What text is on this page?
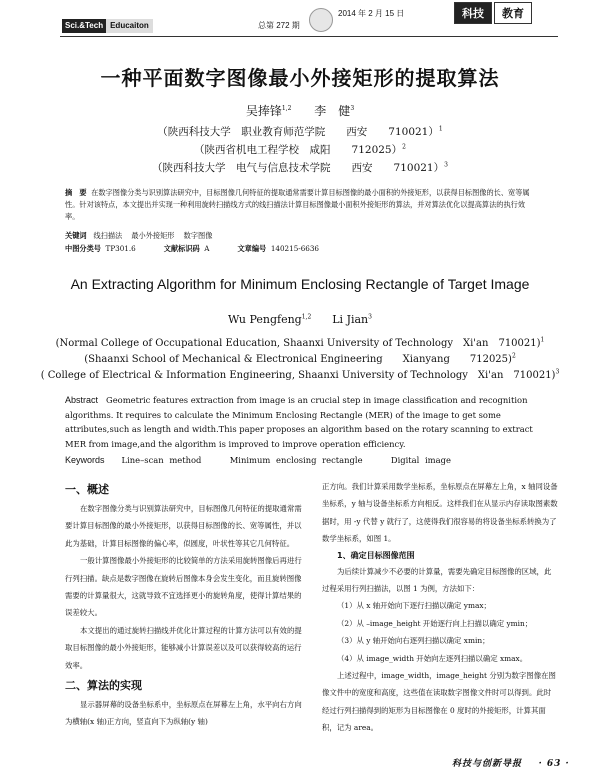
Sci.&Tech Educaiton	总第 272 期
2014 年 2 月 15 日	科技	教育
一种平面数字图像最小外接矩形的提取算法
吴捧锋$^{1,2}$ 李　健$^3$
（陕西科技大学　职业教育师范学院　　西安　　710021）$^1$
（陕西省机电工程学校　咸阳　　712025）$^2$
（陕西科技大学　电气与信息技术学院　　西安　　710021）$^3$
摘　要 在数字图像分类与识别算法研究中，目标图像几何特征的提取通常需要计算目标图像的最小面积的外接矩形，以获得目标图像的长、宽等属性。针对该特点，本文提出并实现一种利用旋转扫描线方式的线扫描法计算目标图像最小面积外接矩形的算法，并对算法优化以提高算法的执行效率。
关键词 线扫描法 最小外接矩形 数字图像
中图分类号 TP301.6	文献标识码 A	文章编号 140215-6636
An Extracting Algorithm for Minimum Enclosing Rectangle of Target Image
Wu Pengfeng$^{1,2}$ Li Jian$^3$
(Normal College of Occupational Education, Shaanxi University of Technology　Xi'an　710021)$^1$
(Shaanxi School of Mechanical & Electronical Engineering　　Xianyang　　712025)$^2$
( College of Electrical & Information Engineering, Shaanxi University of Technology　Xi'an　710021)$^3$
Abstract Geometric features extraction from image is an crucial step in image classification and recognition algorithms. It requires to calculate the Minimum Enclosing Rectangle (MER) of the image to get some attributes,such as length and width.This paper proposes an algorithm based on the rotary scanning to extract MER from image,and the algorithm is improved to improve operation efficiency.
Keywords Line–scan method	Minimum enclosing rectangle	Digital image
一、概述

在数字图像分类与识别算法研究中，目标图像几何特征的提取通常需要计算目标图像的最小外接矩形，以获得目标图像的长、宽等属性，并以此为基础，计算目标图像的偏心率，似圆度，叶状性等其它几何特征。

一般计算图像最小外接矩形的比较简单的方法采用旋转图像后再进行行列扫描。缺点是数字图像在旋转后图像本身会发生变化，而且旋转图像需要的计算量很大，这就导致不宜选择更小的旋转角度，使得计算结果的误差较大。

本文提出的通过旋转扫描线并优化计算过程的计算方法可以有效的提取目标图像的最小外接矩形，能够减小计算误差以及可以获得较高的运行效率。

二、算法的实现

显示器屏幕的设备坐标系中，坐标原点在屏幕左上角，水平向右方向为横轴(x 轴)正方向，竖直向下为纵轴(y 轴)

正方向。我们计算采用数学坐标系，坐标原点在屏幕左上角，x 轴同设备坐标系，y 轴与设备坐标系方向相反。这样我们在从显示内存读取图素数据时，用 -y 代替 y 就行了，这使得我们很容易的将设备坐标系转换为了数学坐标系，如图 1。

1、确定目标图像范围

为后续计算减少不必要的计算量，需要先确定目标图像的区域，此过程采用行列扫描法，以图 1 为例，方法如下：

（1）从 x 轴开始向下逐行扫描以确定 ymax；

（2）从 –image_height 开始逐行向上扫描以确定 ymin；

（3）从 y 轴开始向右逐列扫描以确定 xmin；

（4）从 image_width 开始向左逐列扫描以确定 xmax。

上述过程中，image_width，image_height 分别为数字图像在图像文件中的宽度和高度，这些值在读取数字图像文件时可以得到。此时经过行列扫描得到的矩形为目标图像在 0 度时的外接矩形，计算其面积，记为 area。

科技与创新导报 · 63 ·
